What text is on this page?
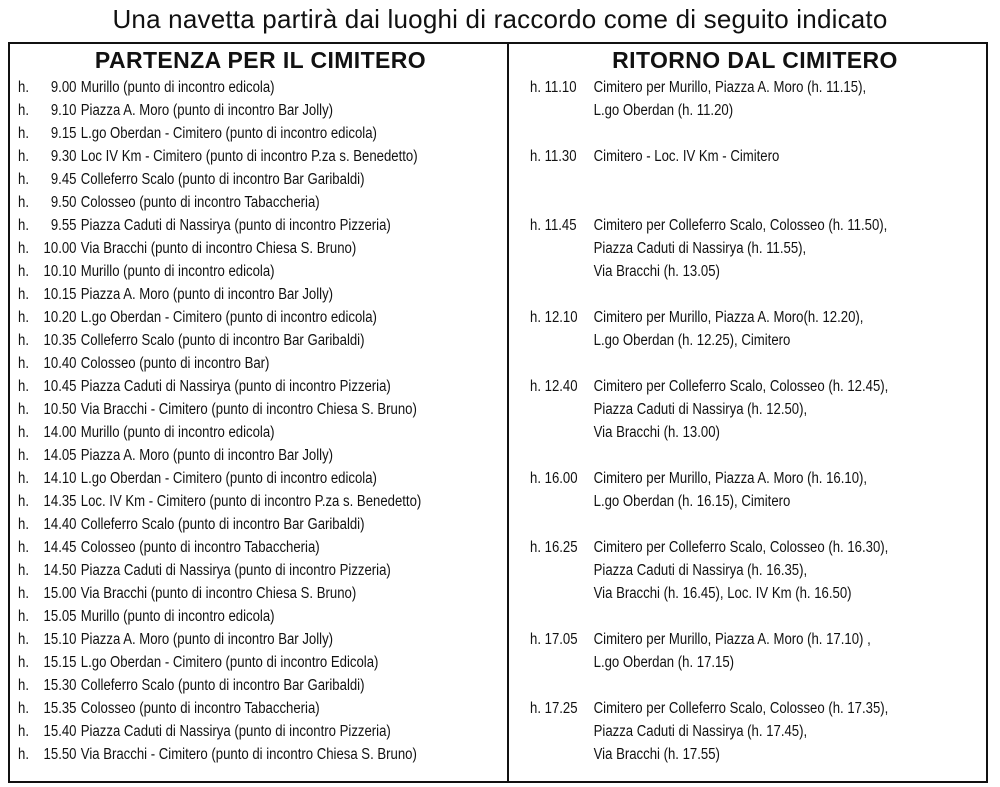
Una navetta partirà dai luoghi di raccordo come di seguito indicato
PARTENZA PER IL CIMITERO
h.	9.00 Murillo (punto di incontro edicola)
h.	9.10 Piazza A. Moro (punto di incontro Bar Jolly)
h.	9.15 L.go Oberdan - Cimitero (punto di incontro edicola)
h.	9.30 Loc IV Km - Cimitero (punto di incontro P.za s. Benedetto)
h.	9.45 Colleferro Scalo (punto di incontro Bar Garibaldi)
h.	9.50 Colosseo (punto di incontro Tabaccheria)
h.	9.55 Piazza Caduti di Nassirya (punto di incontro Pizzeria)
h. 10.00 Via Bracchi (punto di incontro Chiesa S. Bruno)
h. 10.10 Murillo (punto di incontro edicola)
h. 10.15 Piazza A. Moro (punto di incontro Bar Jolly)
h. 10.20 L.go Oberdan - Cimitero (punto di incontro edicola)
h. 10.35 Colleferro Scalo (punto di incontro Bar Garibaldi)
h. 10.40 Colosseo (punto di incontro Bar)
h. 10.45 Piazza Caduti di Nassirya (punto di incontro Pizzeria)
h. 10.50 Via Bracchi - Cimitero (punto di incontro Chiesa S. Bruno)
h. 14.00 Murillo (punto di incontro edicola)
h. 14.05 Piazza A. Moro (punto di incontro Bar Jolly)
h. 14.10 L.go Oberdan - Cimitero (punto di incontro edicola)
h. 14.35 Loc. IV Km - Cimitero (punto di incontro P.za s. Benedetto)
h. 14.40 Colleferro Scalo (punto di incontro Bar Garibaldi)
h. 14.45 Colosseo (punto di incontro Tabaccheria)
h. 14.50 Piazza Caduti di Nassirya (punto di incontro Pizzeria)
h. 15.00 Via Bracchi (punto di incontro Chiesa S. Bruno)
h. 15.05 Murillo (punto di incontro edicola)
h. 15.10 Piazza A. Moro (punto di incontro Bar Jolly)
h. 15.15 L.go Oberdan - Cimitero (punto di incontro Edicola)
h. 15.30 Colleferro Scalo (punto di incontro Bar Garibaldi)
h. 15.35 Colosseo (punto di incontro Tabaccheria)
h. 15.40 Piazza Caduti di Nassirya (punto di incontro Pizzeria)
h. 15.50 Via Bracchi - Cimitero (punto di incontro Chiesa S. Bruno)
RITORNO DAL CIMITERO
h. 11.10	Cimitero per Murillo, Piazza A. Moro (h. 11.15),
L.go Oberdan (h. 11.20)
h. 11.30	Cimitero - Loc. IV Km - Cimitero
h. 11.45	Cimitero per Colleferro Scalo, Colosseo (h. 11.50),
Piazza Caduti di Nassirya (h. 11.55),
Via Bracchi (h. 13.05)
h. 12.10	Cimitero per Murillo, Piazza A. Moro(h. 12.20),
L.go Oberdan (h. 12.25), Cimitero
h. 12.40	Cimitero per Colleferro Scalo, Colosseo (h. 12.45),
Piazza Caduti di Nassirya (h. 12.50),
Via Bracchi (h. 13.00)
h. 16.00	Cimitero per Murillo, Piazza A. Moro (h. 16.10),
L.go Oberdan (h. 16.15), Cimitero
h. 16.25	Cimitero per Colleferro Scalo, Colosseo (h. 16.30),
Piazza Caduti di Nassirya (h. 16.35),
Via Bracchi (h. 16.45), Loc. IV Km (h. 16.50)
h. 17.05	Cimitero per Murillo, Piazza A. Moro (h. 17.10) ,
L.go Oberdan (h. 17.15)
h. 17.25	Cimitero per Colleferro Scalo, Colosseo (h. 17.35),
Piazza Caduti di Nassirya (h. 17.45),
Via Bracchi (h. 17.55)
